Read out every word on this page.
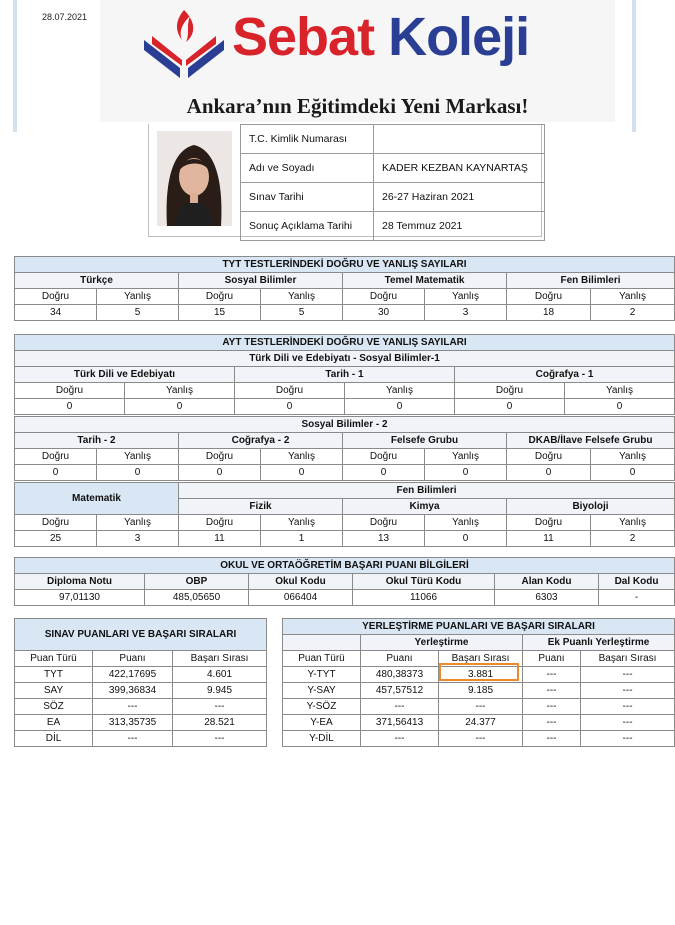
28.07.2021	Sebat Koleji
Ankara’nın Eğitimdeki Yeni Markası!
T.C. Kimlik Numarası	
Adı ve Soyadı	KADER KEZBAN KAYNARTAŞ
Sınav Tarihi	26-27 Haziran 2021
Sonuç Açıklama Tarihi	28 Temmuz 2021
TYT TESTLERİNDEKİ DOĞRU VE YANLIŞ SAYILARI							
Türkçe		Sosyal Bilimler		Temel Matematik		Fen Bilimleri	
Doğru	Yanlış	Doğru	Yanlış	Doğru	Yanlış	Doğru	Yanlış
34	5	15	5	30	3	18	2
AYT TESTLERİNDEKİ DOĞRU VE YANLIŞ SAYILARI					
Türk Dili ve Edebiyatı - Sosyal Bilimler-1					
Türk Dili ve Edebiyatı		Tarih - 1		Coğrafya - 1	
Doğru	Yanlış	Doğru	Yanlış	Doğru	Yanlış
0	0	0	0	0	0
Sosyal Bilimler - 2							
Tarih - 2		Coğrafya - 2		Felsefe Grubu		DKAB/İlave Felsefe Grubu	
Doğru	Yanlış	Doğru	Yanlış	Doğru	Yanlış	Doğru	Yanlış
0	0	0	0	0	0	0	0
Matematik		Fen Bilimleri					
		Fizik		Kimya		Biyoloji	
Doğru	Yanlış	Doğru	Yanlış	Doğru	Yanlış	Doğru	Yanlış
25	3	11	1	13	0	11	2
OKUL VE ORTAÖĞRETİM BAŞARI PUANI BİLGİLERİ					
Diploma Notu	OBP	Okul Kodu	Okul Türü Kodu	Alan Kodu	Dal Kodu
97,01130	485,05650	066404	11066	6303	-
SINAV PUANLARI VE BAŞARI SIRALARI		
Puan Türü	Puanı	Başarı Sırası
TYT	422,17695	4.601
SAY	399,36834	9.945
SÖZ	---	---
EA	313,35735	28.521
DİL	---	---
YERLEŞTİRME PUANLARI VE BAŞARI SIRALARI				
	Yerleştirme		Ek Puanlı Yerleştirme	
Puan Türü	Puanı	Başarı Sırası	Puanı	Başarı Sırası
Y-TYT	480,38373	3.881	---	---
Y-SAY	457,57512	9.185	---	---
Y-SÖZ	---	---	---	---
Y-EA	371,56413	24.377	---	---
Y-DİL	---	---	---	---
